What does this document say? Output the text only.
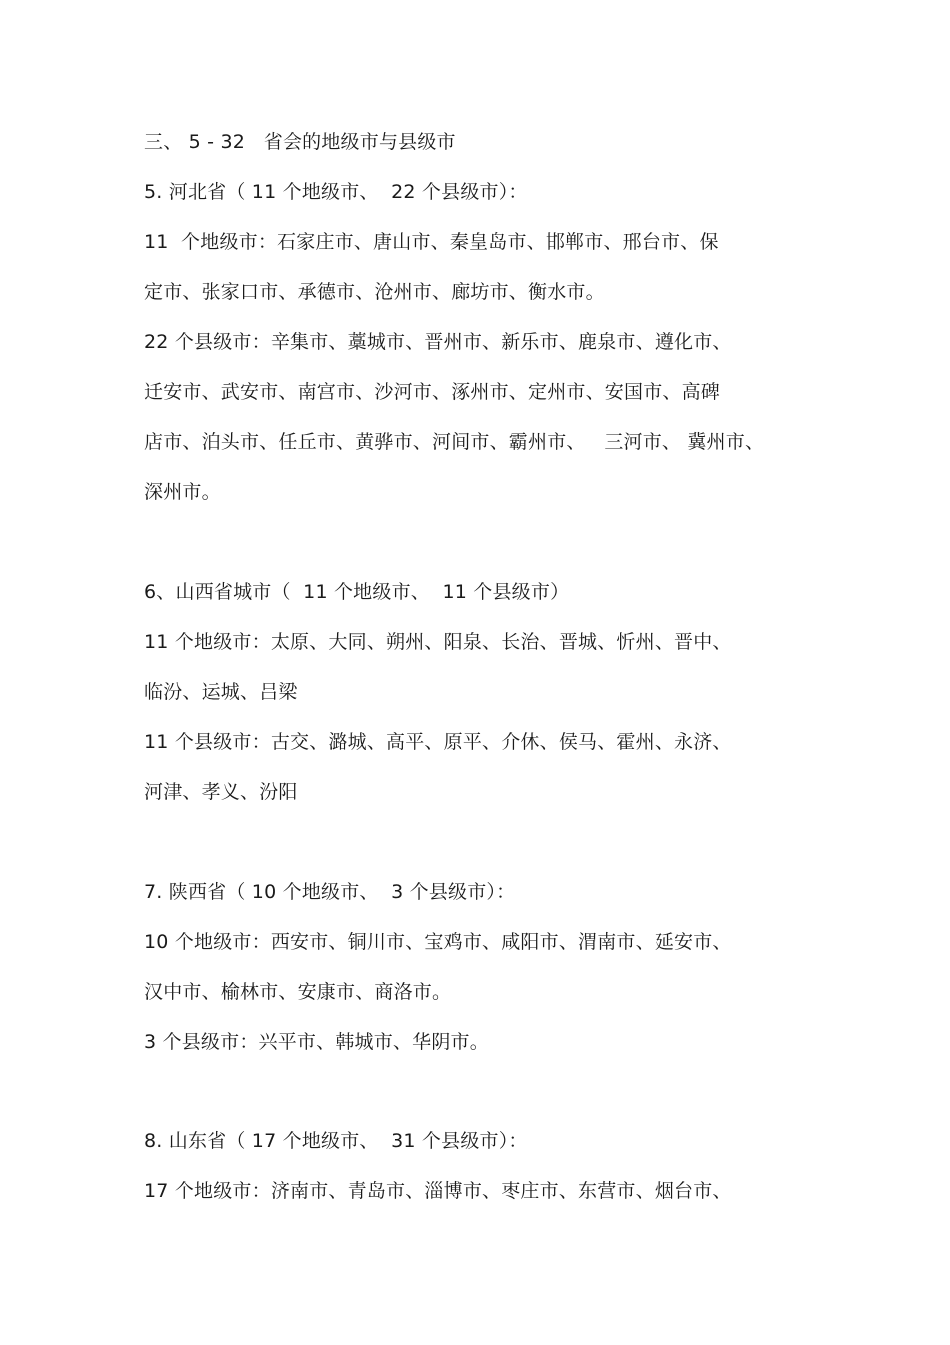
三、 5 - 32   省会的地级市与县级市
5. 河北省（ 11 个地级市、  22 个县级市）：
11  个地级市：石家庄市、唐山市、秦皇岛市、邯郸市、邢台市、保
定市、张家口市、承德市、沧州市、廊坊市、衡水市。
22 个县级市：辛集市、藁城市、晋州市、新乐市、鹿泉市、遵化市、
迁安市、武安市、南宫市、沙河市、涿州市、定州市、安国市、高碑
店市、泊头市、任丘市、黄骅市、河间市、霸州市、   三河市、 冀州市、
深州市。
6、山西省城市（  11 个地级市、  11 个县级市）
11 个地级市：太原、大同、朔州、阳泉、长治、晋城、忻州、晋中、
临汾、运城、吕梁
11 个县级市：古交、潞城、高平、原平、介休、侯马、霍州、永济、
河津、孝义、汾阳
7. 陕西省（ 10 个地级市、  3 个县级市）：
10 个地级市：西安市、铜川市、宝鸡市、咸阳市、渭南市、延安市、
汉中市、榆林市、安康市、商洛市。
3 个县级市：兴平市、韩城市、华阴市。
8. 山东省（ 17 个地级市、  31 个县级市）：
17 个地级市：济南市、青岛市、淄博市、枣庄市、东营市、烟台市、
